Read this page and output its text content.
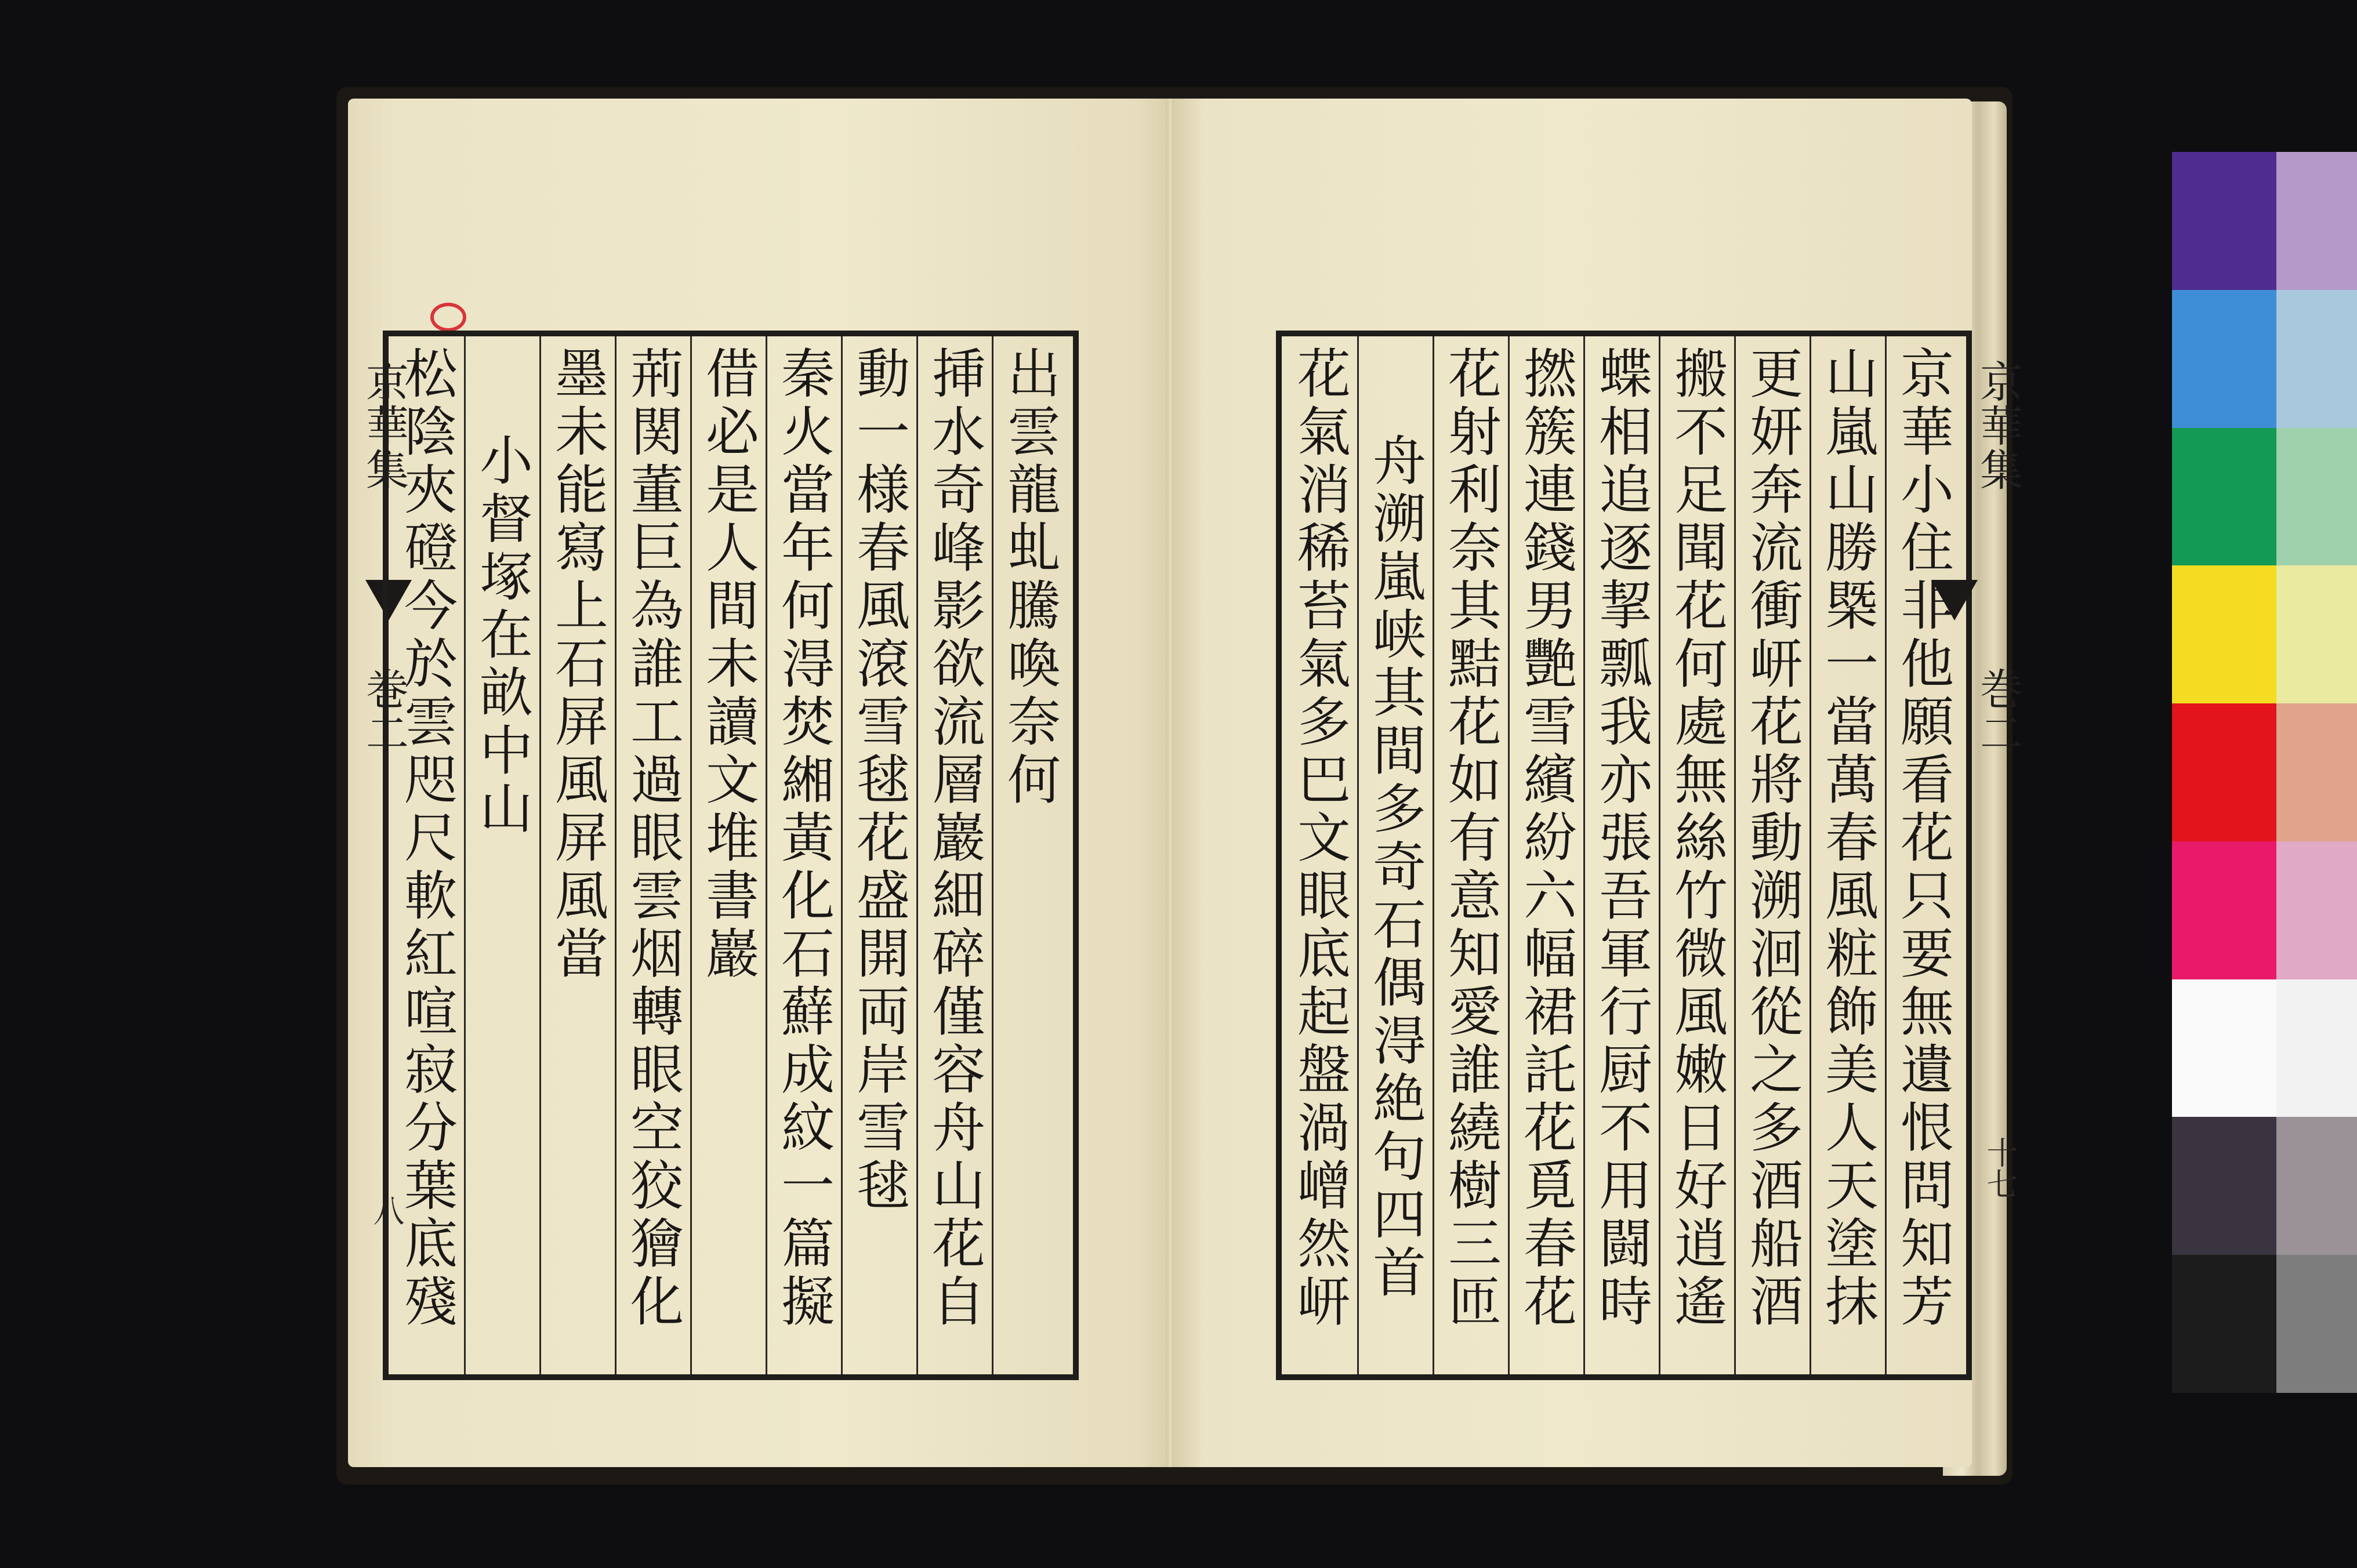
京華集
巻二
八
松陰夾磴今於雲咫尺軟紅喧寂分葉底殘
小督塚在畝中山 墨未能寫上石屏風屏風當 荊関董巨為誰工過眼雲烟轉眼空狡獪化
借必是人間未讀文堆書巖 秦火當年何淂焚緗黃化石蘚成紋一篇擬
動一様春風滾雪毬花盛開両岸雪毬 挿水奇峰影欲流層巖細碎僅容舟山花自
出雲龍虬騰喚奈何	花氣消稀苔氣多巴文眼底起盤渦嶒然岍 舟溯嵐峡其間多奇石偶淂絶句四首
花射利奈其黠花如有意知愛誰繞樹三匝
撚簇連錢男艷雪繽紛六幅裙託花覓春花
蝶相追逐挈瓢我亦張吾軍行厨不用闘時
搬不足聞花何處無絲竹微風嫩日好逍遙
更妍奔流衝岍花將動溯洄從之多酒船酒
山嵐山勝槩一當萬春風粧飾美人天塗抹
京華小住非他願看花只要無遺恨問知芳
京華集
巻二
十七
